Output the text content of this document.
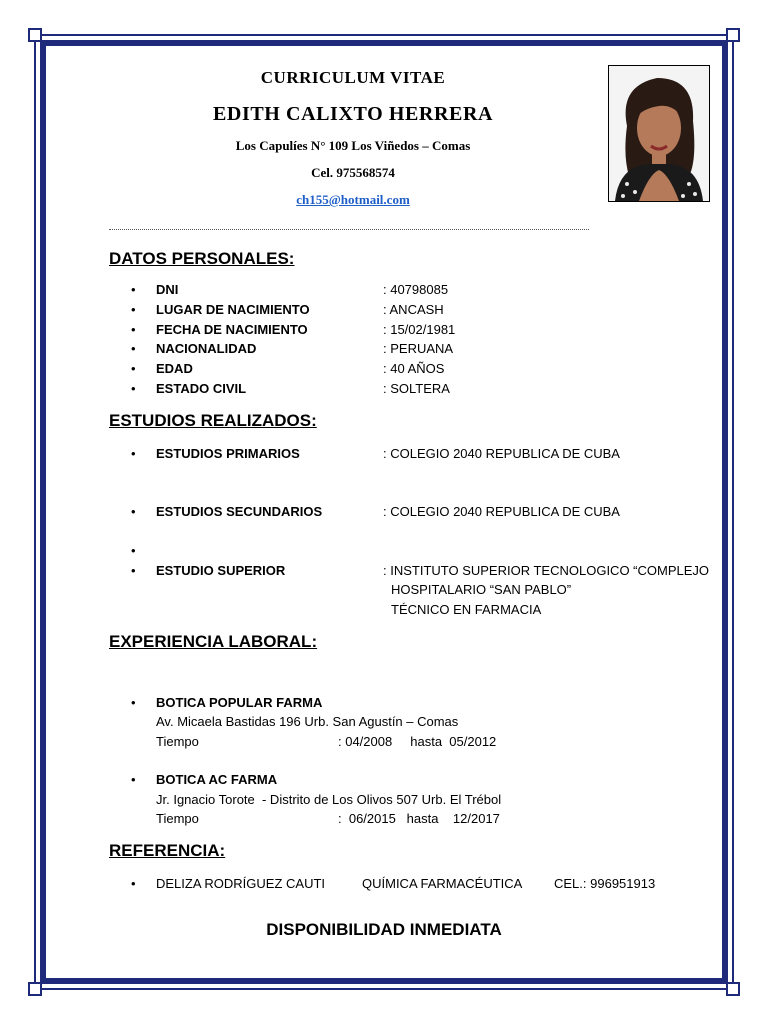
CURRICULUM VITAE
EDITH CALIXTO HERRERA
Los Capulíes N° 109 Los Viñedos – Comas
Cel. 975568574
ch155@hotmail.com
DATOS PERSONALES:
• DNI	: 40798085
• LUGAR DE NACIMIENTO	: ANCASH
• FECHA DE NACIMIENTO	: 15/02/1981
• NACIONALIDAD	: PERUANA
• EDAD	: 40 AÑOS
• ESTADO CIVIL	: SOLTERA
ESTUDIOS REALIZADOS:
• ESTUDIOS PRIMARIOS	: COLEGIO 2040 REPUBLICA DE CUBA
• ESTUDIOS SECUNDARIOS	: COLEGIO 2040 REPUBLICA DE CUBA
•
• ESTUDIO SUPERIOR	: INSTITUTO SUPERIOR TECNOLOGICO “COMPLEJO
HOSPITALARIO “SAN PABLO”
TÉCNICO EN FARMACIA
EXPERIENCIA LABORAL:
• BOTICA POPULAR FARMA
Av. Micaela Bastidas 196 Urb. San Agustín – Comas
Tiempo	: 04/2008     hasta  05/2012
• BOTICA AC FARMA
Jr. Ignacio Torote  - Distrito de Los Olivos 507 Urb. El Trébol
Tiempo	:  06/2015   hasta    12/2017
REFERENCIA:
• DELIZA RODRÍGUEZ CAUTI	QUÍMICA FARMACÉUTICA CEL.: 996951913
DISPONIBILIDAD INMEDIATA
